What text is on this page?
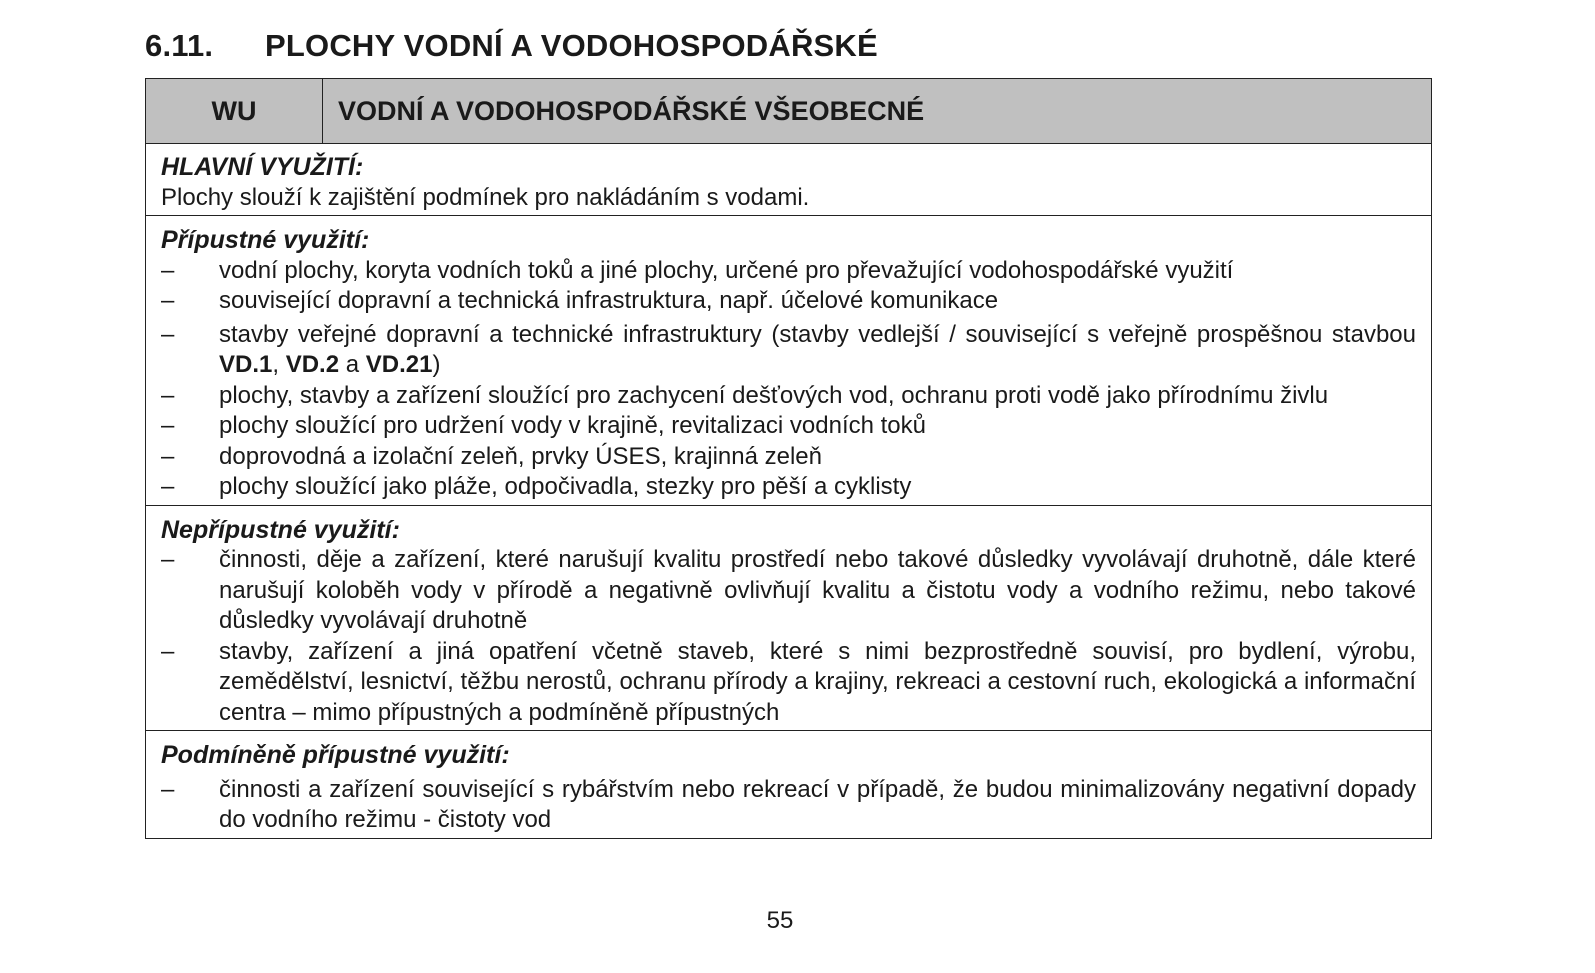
6.11. PLOCHY VODNÍ A VODOHOSPODÁŘSKÉ
WU	VODNÍ A VODOHOSPODÁŘSKÉ VŠEOBECNÉ
HLAVNÍ VYUŽITÍ:
Plochy slouží k zajištění podmínek pro nakládáním s vodami.
Přípustné využití:
–	vodní plochy, koryta vodních toků a jiné plochy, určené pro převažující vodohospodářské využití
–	související dopravní a technická infrastruktura, např. účelové komunikace
–	stavby veřejné dopravní a technické infrastruktury (stavby vedlejší / související s veřejně prospěšnou stavbou VD.1, VD.2 a VD.21)
–	plochy, stavby a zařízení sloužící pro zachycení dešťových vod, ochranu proti vodě jako přírodnímu živlu
–	plochy sloužící pro udržení vody v krajině, revitalizaci vodních toků
–	doprovodná a izolační zeleň, prvky ÚSES, krajinná zeleň
–	plochy sloužící jako pláže, odpočivadla, stezky pro pěší a cyklisty
Nepřípustné využití:
–	činnosti, děje a zařízení, které narušují kvalitu prostředí nebo takové důsledky vyvolávají druhotně, dále které narušují koloběh vody v přírodě a negativně ovlivňují kvalitu a čistotu vody a vodního režimu, nebo takové důsledky vyvolávají druhotně
–	stavby, zařízení a jiná opatření včetně staveb, které s nimi bezprostředně souvisí, pro bydlení, výrobu, zemědělství, lesnictví, těžbu nerostů, ochranu přírody a krajiny, rekreaci a cestovní ruch, ekologická a informační centra – mimo přípustných a podmíněně přípustných
Podmíněně přípustné využití:
–	činnosti a zařízení související s rybářstvím nebo rekreací v případě, že budou minimalizovány negativní dopady do vodního režimu - čistoty vod
55
